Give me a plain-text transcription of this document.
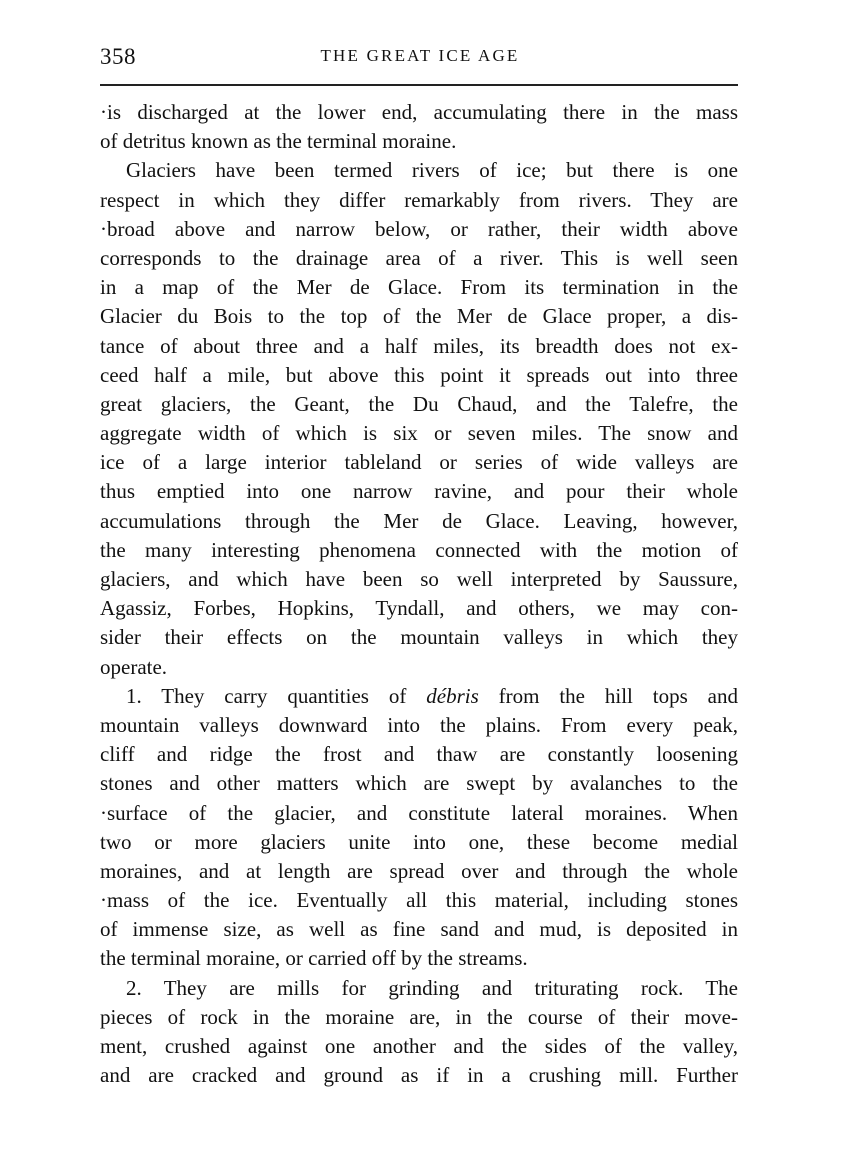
358	THE GREAT ICE AGE
·is discharged at the lower end, accumulating there in the mass
of detritus known as the terminal moraine.
Glaciers have been termed rivers of ice; but there is one
respect in which they differ remarkably from rivers. They are
·broad above and narrow below, or rather, their width above
corresponds to the drainage area of a river. This is well seen
in a map of the Mer de Glace. From its termination in the
Glacier du Bois to the top of the Mer de Glace proper, a dis-
tance of about three and a half miles, its breadth does not ex-
ceed half a mile, but above this point it spreads out into three
great glaciers, the Geant, the Du Chaud, and the Talefre, the
aggregate width of which is six or seven miles. The snow and
ice of a large interior tableland or series of wide valleys are
thus emptied into one narrow ravine, and pour their whole
accumulations through the Mer de Glace. Leaving, however,
the many interesting phenomena connected with the motion of
glaciers, and which have been so well interpreted by Saussure,
Agassiz, Forbes, Hopkins, Tyndall, and others, we may con-
sider their effects on the mountain valleys in which they
operate.
1. They carry quantities of débris from the hill tops and
mountain valleys downward into the plains. From every peak,
cliff and ridge the frost and thaw are constantly loosening
stones and other matters which are swept by avalanches to the
·surface of the glacier, and constitute lateral moraines. When
two or more glaciers unite into one, these become medial
moraines, and at length are spread over and through the whole
·mass of the ice. Eventually all this material, including stones
of immense size, as well as fine sand and mud, is deposited in
the terminal moraine, or carried off by the streams.
2. They are mills for grinding and triturating rock. The
pieces of rock in the moraine are, in the course of their move-
ment, crushed against one another and the sides of the valley,
and are cracked and ground as if in a crushing mill. Further
